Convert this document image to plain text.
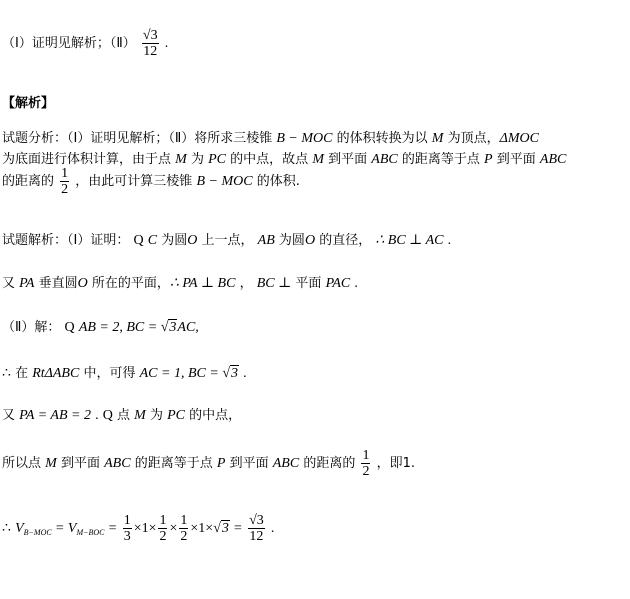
（Ⅰ）证明见解析；（Ⅱ） $\frac{√3}{12}$ .
【解析】
试题分析：（Ⅰ）证明见解析；（Ⅱ）将所求三棱锥 B − MOC 的体积转换为以 M 为顶点，ΔMOC
为底面进行体积计算，由于点 M 为 PC 的中点，故点 M 到平面 ABC 的距离等于点 P 到平面 ABC
的距离的 $\frac{1}{2}$ ，由此可计算三棱锥 B − MOC 的体积.
试题解析：（Ⅰ）证明： Q C 为圆O 上一点， AB 为圆O 的直径， ∴ BC ⊥ AC .
又 PA 垂直圆O 所在的平面，∴ PA ⊥ BC ， BC ⊥ 平面 PAC .
（Ⅱ）解： Q AB = 2, BC = √3AC,
∴ 在 RtΔABC 中，可得 AC = 1, BC = √3 .
又 PA = AB = 2 . Q 点 M 为 PC 的中点，
所以点 M 到平面 ABC 的距离等于点 P 到平面 ABC 的距离的 $\frac{1}{2}$ ，即1.
∴ $V_{B-MOC} = V_{M-BOC} = \frac{1}{3} \times 1\times \frac{1}{2} \times \frac{1}{2} \times 1\times√3 = \frac{√3}{12}$ .
